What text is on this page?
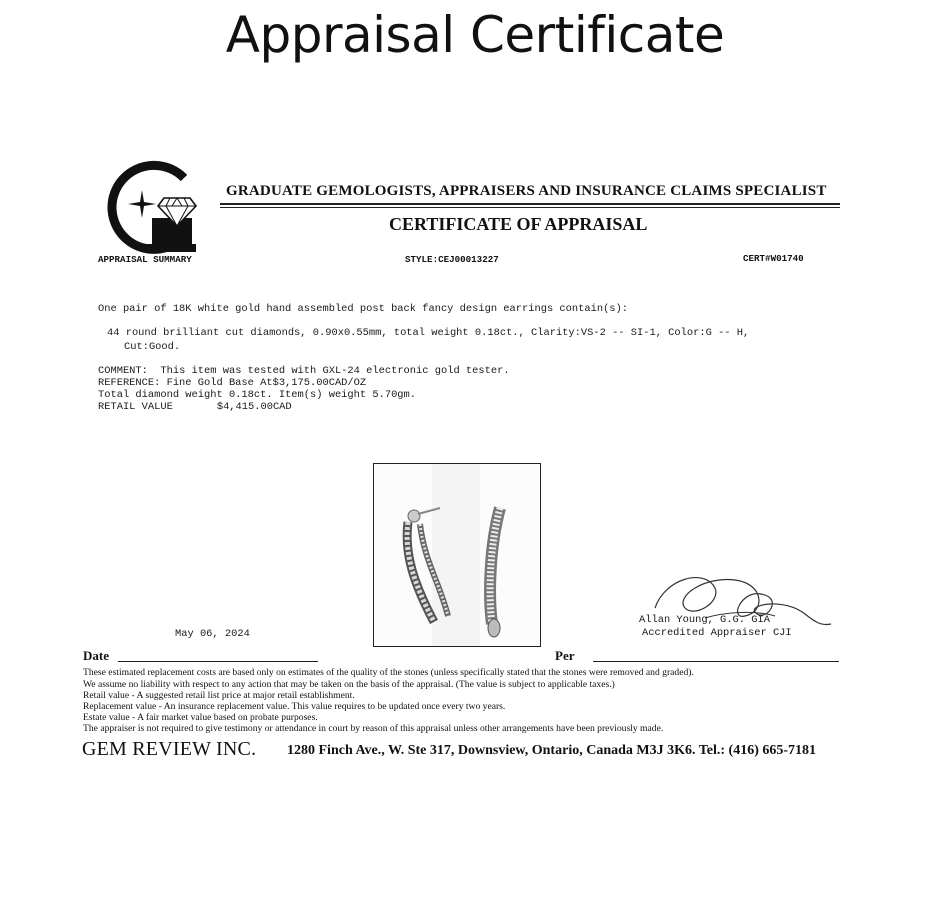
Appraisal Certificate
GRADUATE GEMOLOGISTS, APPRAISERS AND INSURANCE CLAIMS SPECIALIST
CERTIFICATE OF APPRAISAL
APPRAISAL SUMMARY	STYLE:CEJ00013227	CERT#W01740
One pair of 18K white gold hand assembled post back fancy design earrings contain(s):
44 round brilliant cut diamonds, 0.90x0.55mm, total weight 0.18ct., Clarity:VS-2 -- SI-1, Color:G -- H,
Cut:Good.
COMMENT: This item was tested with GXL-24 electronic gold tester.
REFERENCE: Fine Gold Base At$3,175.00CAD/OZ
Total diamond weight 0.18ct. Item(s) weight 5.70gm.
RETAIL VALUE	$4,415.00CAD
May 06, 2024
Allan Young, G.G. GIA
Accredited Appraiser CJI
Date	Per
These estimated replacement costs are based only on estimates of the quality of the stones (unless specifically stated that the stones were removed and graded).
We assume no liability with respect to any action that may be taken on the basis of the appraisal. (The value is subject to applicable taxes.)
Retail value - A suggested retail list price at major retail establishment.
Replacement value - An insurance replacement value. This value requires to be updated once every two years.
Estate value - A fair market value based on probate purposes.
The appraiser is not required to give testimony or attendance in court by reason of this appraisal unless other arrangements have been previously made.
GEM REVIEW INC. 1280 Finch Ave., W. Ste 317, Downsview, Ontario, Canada M3J 3K6. Tel.: (416) 665-7181
